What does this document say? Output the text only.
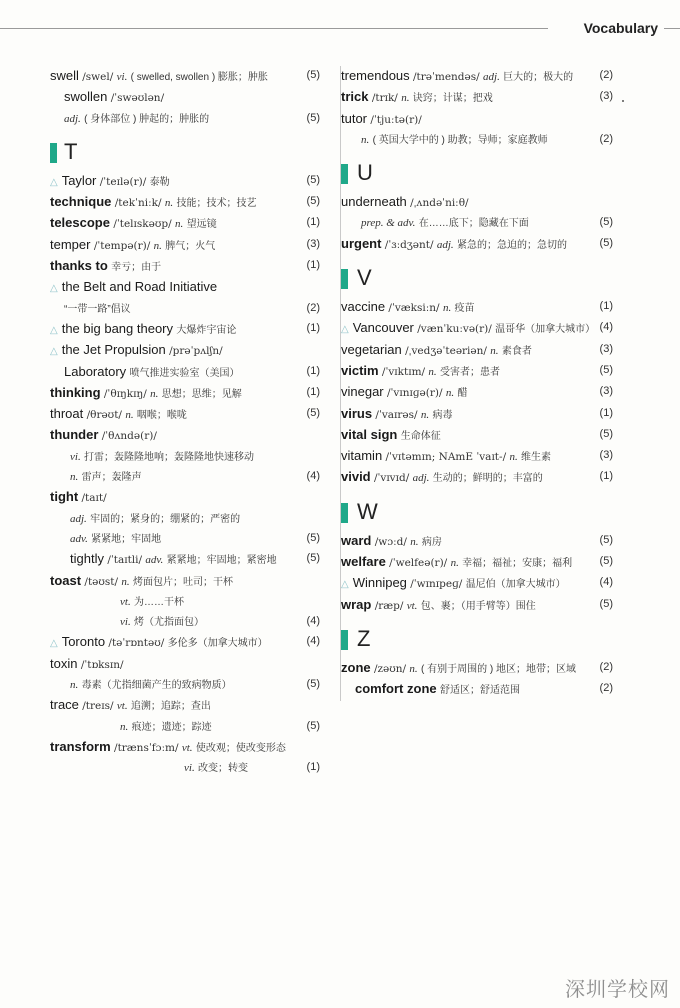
Vocabulary
swell /swel/ vi. ( swelled, swollen ) 膨胀；肿胀	(5)
swollen /ˈswəʊlən/
adj. ( 身体部位 ) 肿起的；肿胀的	(5)
T
△ Taylor /ˈteɪlə(r)/ 泰勒	(5)
technique /tekˈniːk/ n. 技能；技术；技艺	(5)
telescope /ˈtelɪskəʊp/ n. 望远镜	(1)
temper /ˈtempə(r)/ n. 脾气；火气	(3)
thanks to 幸亏；由于	(1)
△ the Belt and Road Initiative
“一带一路”倡议	(2)
△ the big bang theory 大爆炸宇宙论	(1)
△ the Jet Propulsion /prəˈpʌlʃn/
Laboratory 喷气推进实验室（美国）	(1)
thinking /ˈθɪŋkɪŋ/ n. 思想；思维；见解	(1)
throat /θrəʊt/ n. 咽喉；喉咙	(5)
thunder /ˈθʌndə(r)/
vi. 打雷；轰隆隆地响；轰隆隆地快速移动
n. 雷声；轰隆声	(4)
tight /taɪt/
adj. 牢固的；紧身的；绷紧的；严密的
adv. 紧紧地；牢固地	(5)
tightly /ˈtaɪtli/ adv. 紧紧地；牢固地；紧密地	(5)
toast /təʊst/ n. 烤面包片；吐司；干杯
vt. 为……干杯
vi. 烤（尤指面包）	(4)
△ Toronto /təˈrɒntəʊ/ 多伦多（加拿大城市）	(4)
toxin /ˈtɒksɪn/
n. 毒素（尤指细菌产生的致病物质）	(5)
trace /treɪs/ vt. 追溯；追踪；查出
n. 痕迹；遗迹；踪迹	(5)
transform /trænsˈfɔːm/ vt. 使改观；使改变形态
vi. 改变；转变	(1)
tremendous /trəˈmendəs/ adj. 巨大的；极大的 (2)
trick /trɪk/ n. 诀窍；计谋；把戏	(3)
tutor /ˈtjuːtə(r)/
n. ( 英国大学中的 ) 助教；导师；家庭教师	(2)
U
underneath /ˌʌndəˈniːθ/
prep. & adv. 在……底下；隐藏在下面	(5)
urgent /ˈɜːdʒənt/ adj. 紧急的；急迫的；急切的	(5)
V
vaccine /ˈvæksiːn/ n. 疫苗	(1)
△ Vancouver /vænˈkuːvə(r)/ 温哥华（加拿大城市） (4)
vegetarian /ˌvedʒəˈteəriən/ n. 素食者	(3)
victim /ˈvɪktɪm/ n. 受害者；患者	(5)
vinegar /ˈvɪnɪɡə(r)/ n. 醋	(3)
virus /ˈvaɪrəs/ n. 病毒	(1)
vital sign 生命体征	(5)
vitamin /ˈvɪtəmɪn; NAmE ˈvaɪt-/ n. 维生素	(3)
vivid /ˈvɪvɪd/ adj. 生动的；鲜明的；丰富的	(1)
W
ward /wɔːd/ n. 病房	(5)
welfare /ˈwelfeə(r)/ n. 幸福；福祉；安康；福利 (5)
△ Winnipeg /ˈwɪnɪpeɡ/ 温尼伯（加拿大城市）	(4)
wrap /ræp/ vt. 包、裹；（用手臂等）围住	(5)
Z
zone /zəʊn/ n. ( 有别于周围的 ) 地区；地带；区域 (2)
comfort zone 舒适区；舒适范围	(2)
深圳学校网
